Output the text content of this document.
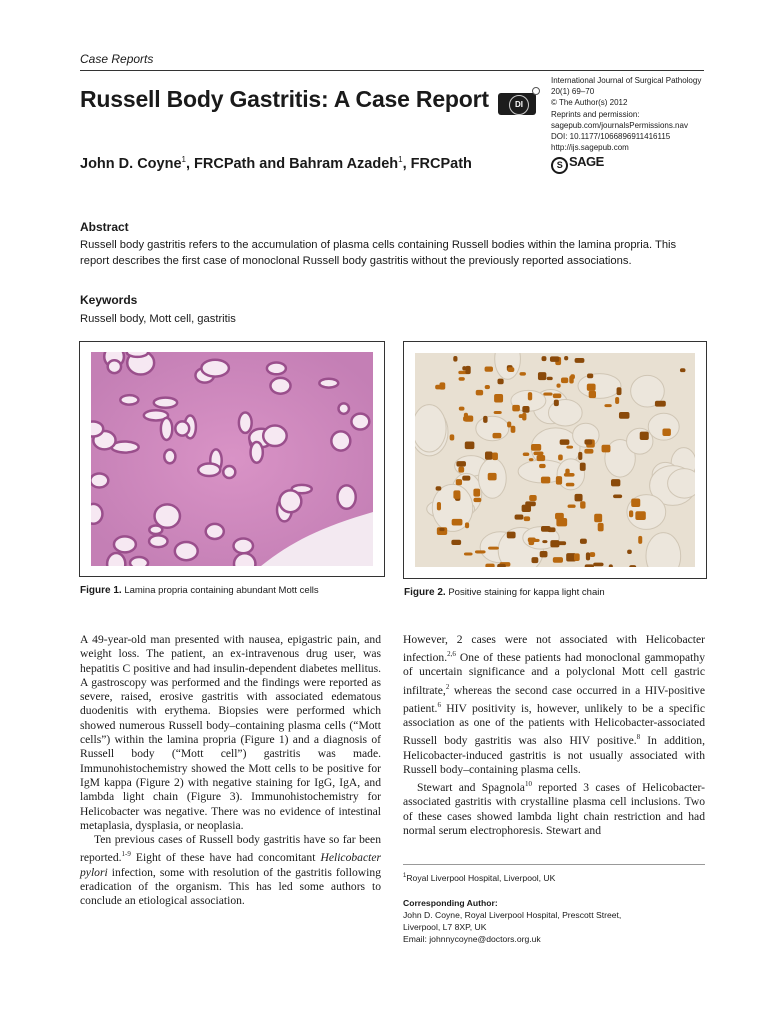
Case Reports
Russell Body Gastritis: A Case Report	DI
International Journal of Surgical Pathology
20(1) 69–70
© The Author(s) 2012
Reprints and permission:
sagepub.com/journalsPermissions.nav
DOI: 10.1177/1066896911416115
http://ijs.sagepub.com
S SAGE
John D. Coyne$^1$, FRCPath and Bahram Azadeh$^1$, FRCPath
Abstract
Russell body gastritis refers to the accumulation of plasma cells containing Russell bodies within the lamina propria. This report describes the first case of monoclonal Russell body gastritis without the previously reported associations.
Keywords
Russell body, Mott cell, gastritis
Figure 1. Lamina propria containing abundant Mott cells	Figure 2. Positive staining for kappa light chain

A 49-year-old man presented with nausea, epigastric pain, and weight loss. The patient, an ex-intravenous drug user, was hepatitis C positive and had insulin-dependent diabetes mellitus. A gastroscopy was performed and the findings were reported as severe, raised, erosive gastritis with associated edematous duodenitis with erythema. Biopsies were performed which showed numerous Russell body–containing plasma cells (“Mott cells”) within the lamina propria (Figure 1) and a diagnosis of Russell body (“Mott cell”) gastritis was made. Immunohistochemistry showed the Mott cells to be positive for IgM kappa (Figure 2) with negative staining for IgG, IgA, and lambda light chain (Figure 3). Immunohistochemistry for Helicobacter was negative. There was no evidence of intestinal metaplasia, dysplasia, or neoplasia.

Ten previous cases of Russell body gastritis have so far been reported.$^{1-9}$ Eight of these have had concomitant Helicobacter pylori infection, some with resolution of the gastritis following eradication of the organism. This has led some authors to conclude an etiological association.

However, 2 cases were not associated with Helicobacter infection.$^{2,6}$ One of these patients had monoclonal gammopathy of uncertain significance and a polyclonal Mott cell gastric infiltrate,$^2$ whereas the second case occurred in a HIV-positive patient.$^6$ HIV positivity is, however, unlikely to be a specific association as one of the patients with Helicobacter-associated Russell body gastritis was also HIV positive.$^8$ In addition, Helicobacter-induced gastritis is not usually associated with Russell body–containing plasma cells.

Stewart and Spagnola$^{10}$ reported 3 cases of Helicobacter-associated gastritis with crystalline plasma cell inclusions. Two of these cases showed lambda light chain restriction and had normal serum electrophoresis. Stewart and

$^1$Royal Liverpool Hospital, Liverpool, UK
Corresponding Author:
John D. Coyne, Royal Liverpool Hospital, Prescott Street,
Liverpool, L7 8XP, UK
Email: johnnycoyne@doctors.org.uk
